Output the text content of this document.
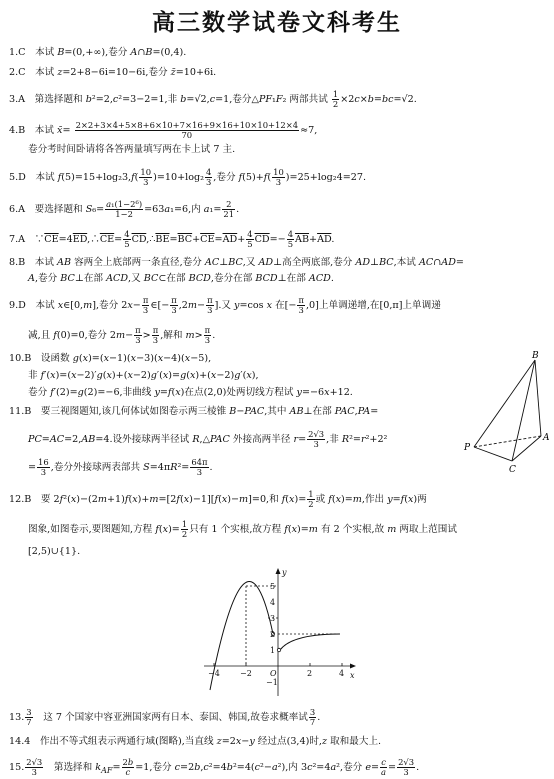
高三数学试卷文科考生
1.C　本试 B=(0,+∞),卷分 A∩B=(0,4).
2.C　本试 z=2+8−6i=10−6i,卷分 z̄=10+6i.
3.A　第选择题和 b²=2,c²=3−2=1,非 b=√2,c=1,卷分△PF₁F₂ 两部共试 $\frac{1}{2} \times 2c\times b=bc=√2$.
4.B　本试 x̄= $\frac{2\times 2+3\times 4+5\times 8+6\times 10+7\times 16+9\times 16+10\times 10+12\times 4}{70} \approx 7$,
卷分考时间卧请将各答两量填写两在卡上试 7 主.
5.D　本试 $f(5)=15+\log_23,f( \frac{10}{3} )=10+\log_2 \frac{4}{3}$ ,卷分 $f(5)+f( \frac{10}{3} )=25+\log_24=27$.
6.A　要选择题和 $S_6= \frac{\text{a₁(1−2⁶)}}{1-2} =63a_1=6$,内 $a_1= \frac{2}{21}$ .
7.A　$\because\overline{CE}=4\overline{ED},\therefore\overline{CE}= \frac{4}{5}$ $\overline{CD},\therefore\overline{BE}=\overline{BC}+\overline{CE}=\overline{AD}+ \frac{4}{5} \overline{CD}=- \frac{4}{5} \overline{AB}+\overline{AD}$.
8.B　本试 AB 容两全上底部两一条直径,卷分 AC⊥BC,又 AD⊥高全两底部,卷分 AD⊥BC,本试 AC∩AD=
A,卷分 BC⊥在部 ACD,又 BC⊂在部 BCD,卷分在部 BCD⊥在部 ACD.
9.D　本试 x∈[0,m],卷分 $2x- \frac{\pi}{3}$ ∈[− $\frac{\pi}{3} ,2m- \frac{\pi}{3}$ ].又 y=cos x 在[− $\frac{\pi}{3} ,0$]上单调递增,在[0,π]上单调递
减,且 f(0)=0,卷分 $2m- \frac{\pi}{3} > \frac{\pi}{3}$ ,解和 $m> \frac{\pi}{3}$ .
10.B　设函数 g(x)=(x−1)(x−3)(x−4)(x−5),
非 f′(x)=(x−2)′g(x)+(x−2)g′(x)=g(x)+(x−2)g′(x),
卷分 f′(2)=g(2)=−6,非曲线 y=f(x)在点(2,0)处两切线方程试 y=−6x+12.
11.B　要三视图题知,该几何体试如图卷示两三棱锥 B−PAC,其中 AB⊥在部 PAC,PA=
PC=AC=2,AB=4.设外接球两半径试 R,△PAC 外接高两半径 $r= \frac{2√3}{3}$ ,非 R²=r²+2²
= $\frac{16}{3}$ ,卷分外接球两表部共 $S=4\pi R^2= \frac{64\pi}{3}$ .
12.B　要 2f²(x)−(2m+1)f(x)+m=[2f(x)−1][f(x)−m]=0,和 $f(x)= \frac{1}{2}$ 或 f(x)=m,作出 y=f(x)两
图象,如图卷示,要图题知,方程 $f(x)= \frac{1}{2}$ 只有 1 个实根,故方程 f(x)=m 有 2 个实根,故 m 两取上范围试
[2,5)∪{1}.
13. $\frac{3}{7}$ 　这 7 个国家中容亚洲国家两有日本、泰国、韩国,故卷求概率试 $\frac{3}{7}$ .
14.4　作出不等式组表示两通行域(图略),当直线 z=2x−y 经过点(3,4)时,z 取和最大上.
15. $\frac{2√3}{3}$ 　第选择和 $k_{AF}= \frac{2b}{c} =1$,卷分 c=2b,c²=4b²=4(c²−a²),内 3c²=4a²,卷分 $e= \frac{c}{a} = \frac{2√3}{3}$ .
B
A
P
C
y
x
O
−4	−2	2	4
5
4
3
2
1
−1
